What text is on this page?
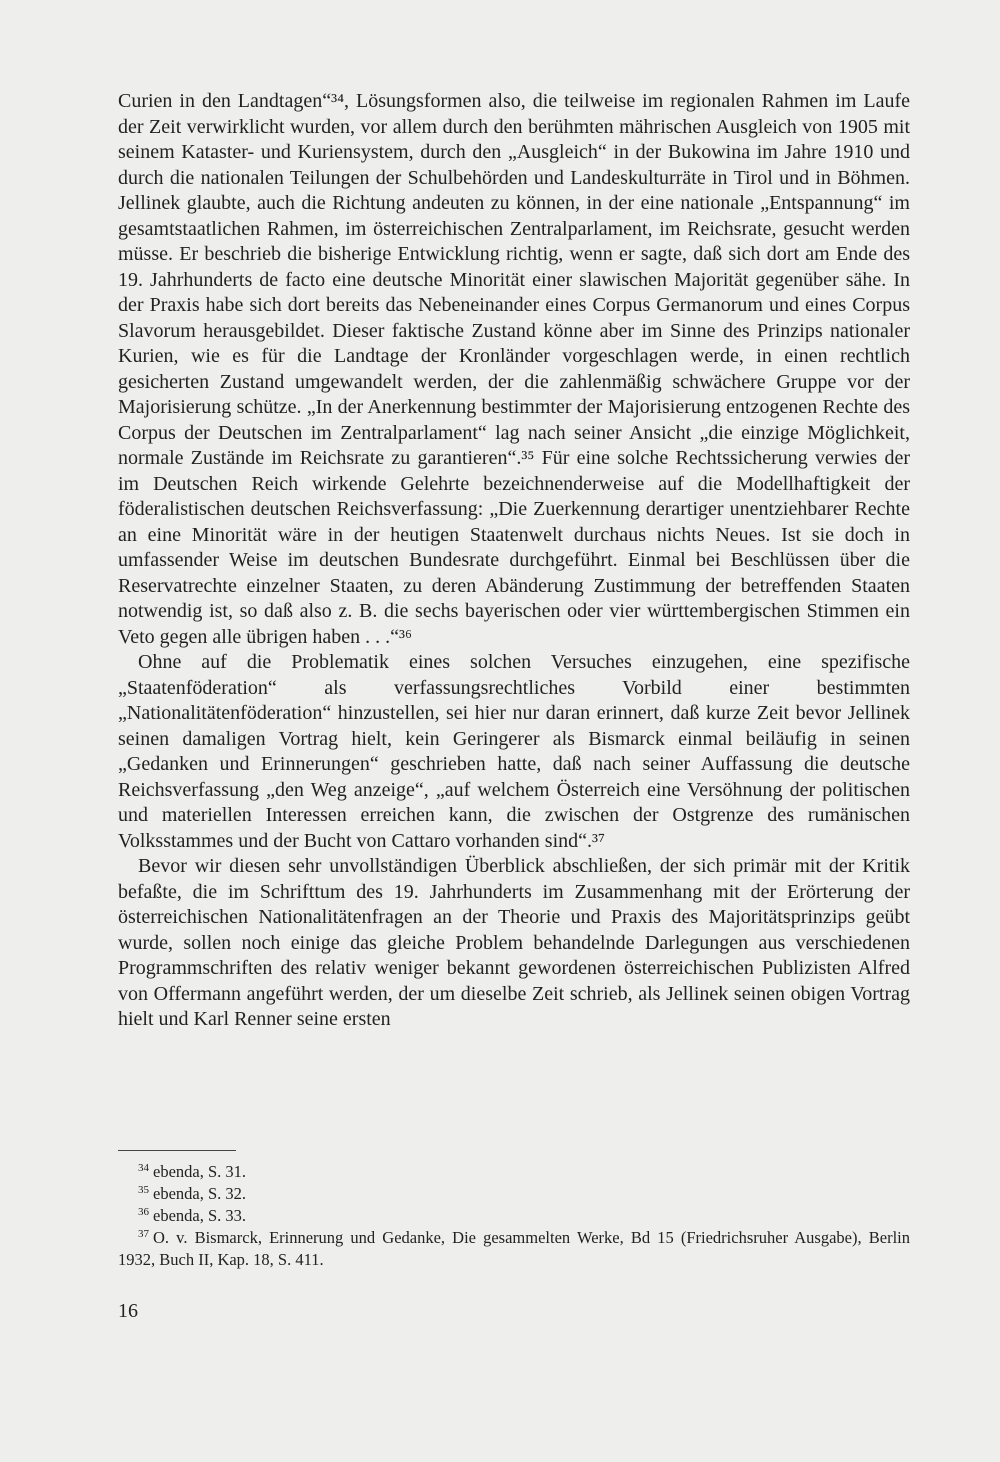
Curien in den Landtagen“³⁴, Lösungsformen also, die teilweise im regionalen Rahmen im Laufe der Zeit verwirklicht wurden, vor allem durch den berühmten mährischen Ausgleich von 1905 mit seinem Kataster- und Kuriensystem, durch den „Ausgleich“ in der Bukowina im Jahre 1910 und durch die nationalen Teilungen der Schulbehörden und Landeskulturräte in Tirol und in Böhmen. Jellinek glaubte, auch die Richtung andeuten zu können, in der eine nationale „Entspannung“ im gesamtstaatlichen Rahmen, im österreichischen Zentralparlament, im Reichsrate, gesucht werden müsse. Er beschrieb die bisherige Entwicklung richtig, wenn er sagte, daß sich dort am Ende des 19. Jahrhunderts de facto eine deutsche Minorität einer slawischen Majorität gegenüber sähe. In der Praxis habe sich dort bereits das Nebeneinander eines Corpus Germanorum und eines Corpus Slavorum herausgebildet. Dieser faktische Zustand könne aber im Sinne des Prinzips nationaler Kurien, wie es für die Landtage der Kronländer vorgeschlagen werde, in einen rechtlich gesicherten Zustand umgewandelt werden, der die zahlenmäßig schwächere Gruppe vor der Majorisierung schütze. „In der Anerkennung bestimmter der Majorisierung entzogenen Rechte des Corpus der Deutschen im Zentralparlament“ lag nach seiner Ansicht „die einzige Möglichkeit, normale Zustände im Reichsrate zu garantieren“.³⁵ Für eine solche Rechtssicherung verwies der im Deutschen Reich wirkende Gelehrte bezeichnenderweise auf die Modellhaftigkeit der föderalistischen deutschen Reichsverfassung: „Die Zuerkennung derartiger unentziehbarer Rechte an eine Minorität wäre in der heutigen Staatenwelt durchaus nichts Neues. Ist sie doch in umfassender Weise im deutschen Bundesrate durchgeführt. Einmal bei Beschlüssen über die Reservatrechte einzelner Staaten, zu deren Abänderung Zustimmung der betreffenden Staaten notwendig ist, so daß also z. B. die sechs bayerischen oder vier württembergischen Stimmen ein Veto gegen alle übrigen haben . . .“³⁶

Ohne auf die Problematik eines solchen Versuches einzugehen, eine spezifische „Staatenföderation“ als verfassungsrechtliches Vorbild einer bestimmten „Nationalitätenföderation“ hinzustellen, sei hier nur daran erinnert, daß kurze Zeit bevor Jellinek seinen damaligen Vortrag hielt, kein Geringerer als Bismarck einmal beiläufig in seinen „Gedanken und Erinnerungen“ geschrieben hatte, daß nach seiner Auffassung die deutsche Reichsverfassung „den Weg anzeige“, „auf welchem Österreich eine Versöhnung der politischen und materiellen Interessen erreichen kann, die zwischen der Ostgrenze des rumänischen Volksstammes und der Bucht von Cattaro vorhanden sind“.³⁷

Bevor wir diesen sehr unvollständigen Überblick abschließen, der sich primär mit der Kritik befaßte, die im Schrifttum des 19. Jahrhunderts im Zusammenhang mit der Erörterung der österreichischen Nationalitätenfragen an der Theorie und Praxis des Majoritätsprinzips geübt wurde, sollen noch einige das gleiche Problem behandelnde Darlegungen aus verschiedenen Programmschriften des relativ weniger bekannt gewordenen österreichischen Publizisten Alfred von Offermann angeführt werden, der um dieselbe Zeit schrieb, als Jellinek seinen obigen Vortrag hielt und Karl Renner seine ersten

$^{34}$ ebenda, S. 31.

$^{35}$ ebenda, S. 32.

$^{36}$ ebenda, S. 33.

$^{37}$ O. v. Bismarck, Erinnerung und Gedanke, Die gesammelten Werke, Bd 15 (Friedrichsruher Ausgabe), Berlin 1932, Buch II, Kap. 18, S. 411.

16
